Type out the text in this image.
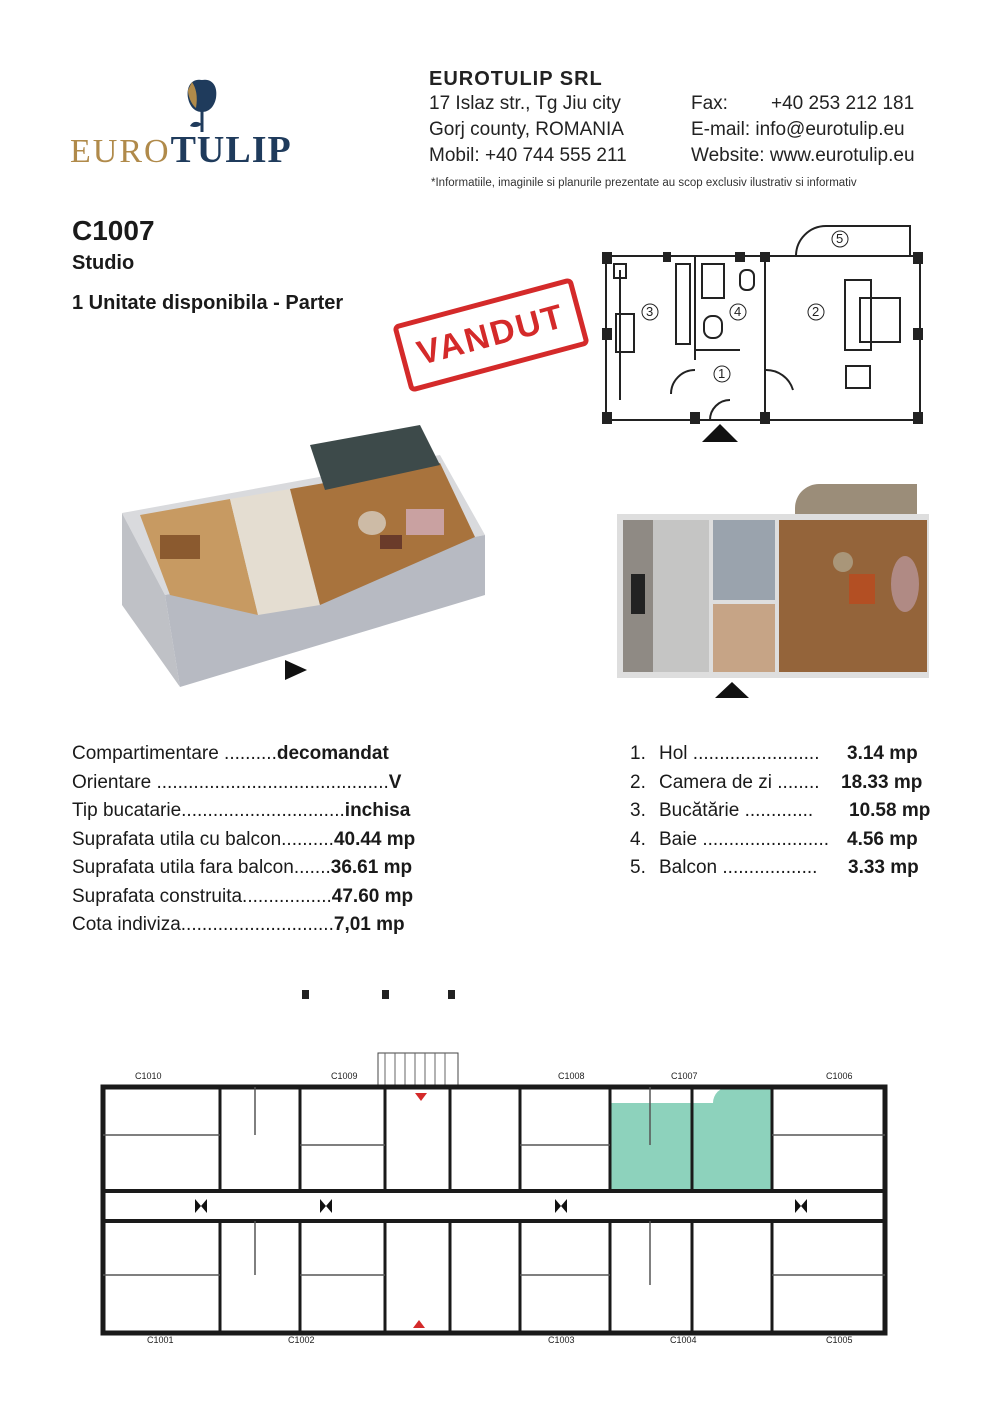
EUROTULIP
EUROTULIP SRL
17 Islaz str., Tg Jiu city
Gorj county, ROMANIA
Mobil: +40 744 555 211
Fax: +40 253 212 181
E-mail: info@eurotulip.eu
Website: www.eurotulip.eu
*Informatiile, imaginile si planurile prezentate au scop exclusiv ilustrativ si informativ
C1007
Studio
1 Unitate disponibila - Parter VANDUT
5
3	4	2
1
Compartimentare ..........decomandat
Orientare ............................................V
Tip bucatarie...............................inchisa
Suprafata utila cu balcon..........40.44 mp
Suprafata utila fara balcon.......36.61 mp
Suprafata construita.................47.60 mp
Cota indiviza.............................7,01 mp
1. Hol ........................ 3.14 mp
2. Camera de zi ........ 18.33 mp
3. Bucătărie ............. 10.58 mp
4. Baie ........................ 4.56 mp
5. Balcon .................. 3.33 mp
C1010	C1009	C1008	C1007	C1006
C1001	C1002	C1003	C1004	C1005
